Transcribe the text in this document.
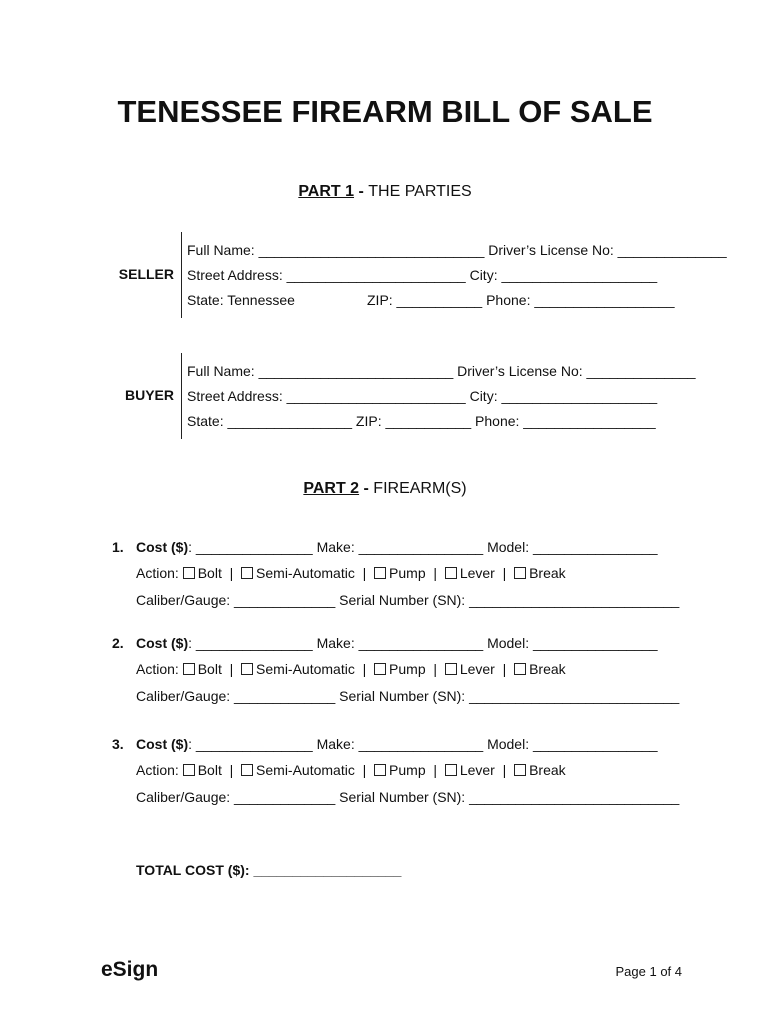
TENESSEE FIREARM BILL OF SALE
PART 1 - THE PARTIES
SELLER
Full Name: _____________________________ Driver’s License No: ______________
Street Address: _______________________ City: ____________________
State: Tennessee	ZIP: ___________ Phone: __________________
BUYER
Full Name: _________________________ Driver’s License No: ______________
Street Address: _______________________ City: ____________________
State: ________________ ZIP: ___________ Phone: _________________
PART 2 - FIREARM(S)
1. Cost ($): _______________ Make: ________________ Model: ________________
Action: Bolt | Semi-Automatic | Pump | Lever | Break
Caliber/Gauge: _____________ Serial Number (SN): ___________________________
2. Cost ($): _______________ Make: ________________ Model: ________________
Action: Bolt | Semi-Automatic | Pump | Lever | Break
Caliber/Gauge: _____________ Serial Number (SN): ___________________________
3. Cost ($): _______________ Make: ________________ Model: ________________
Action: Bolt | Semi-Automatic | Pump | Lever | Break
Caliber/Gauge: _____________ Serial Number (SN): ___________________________
TOTAL COST ($): ___________________
eSign	Page 1 of 4
